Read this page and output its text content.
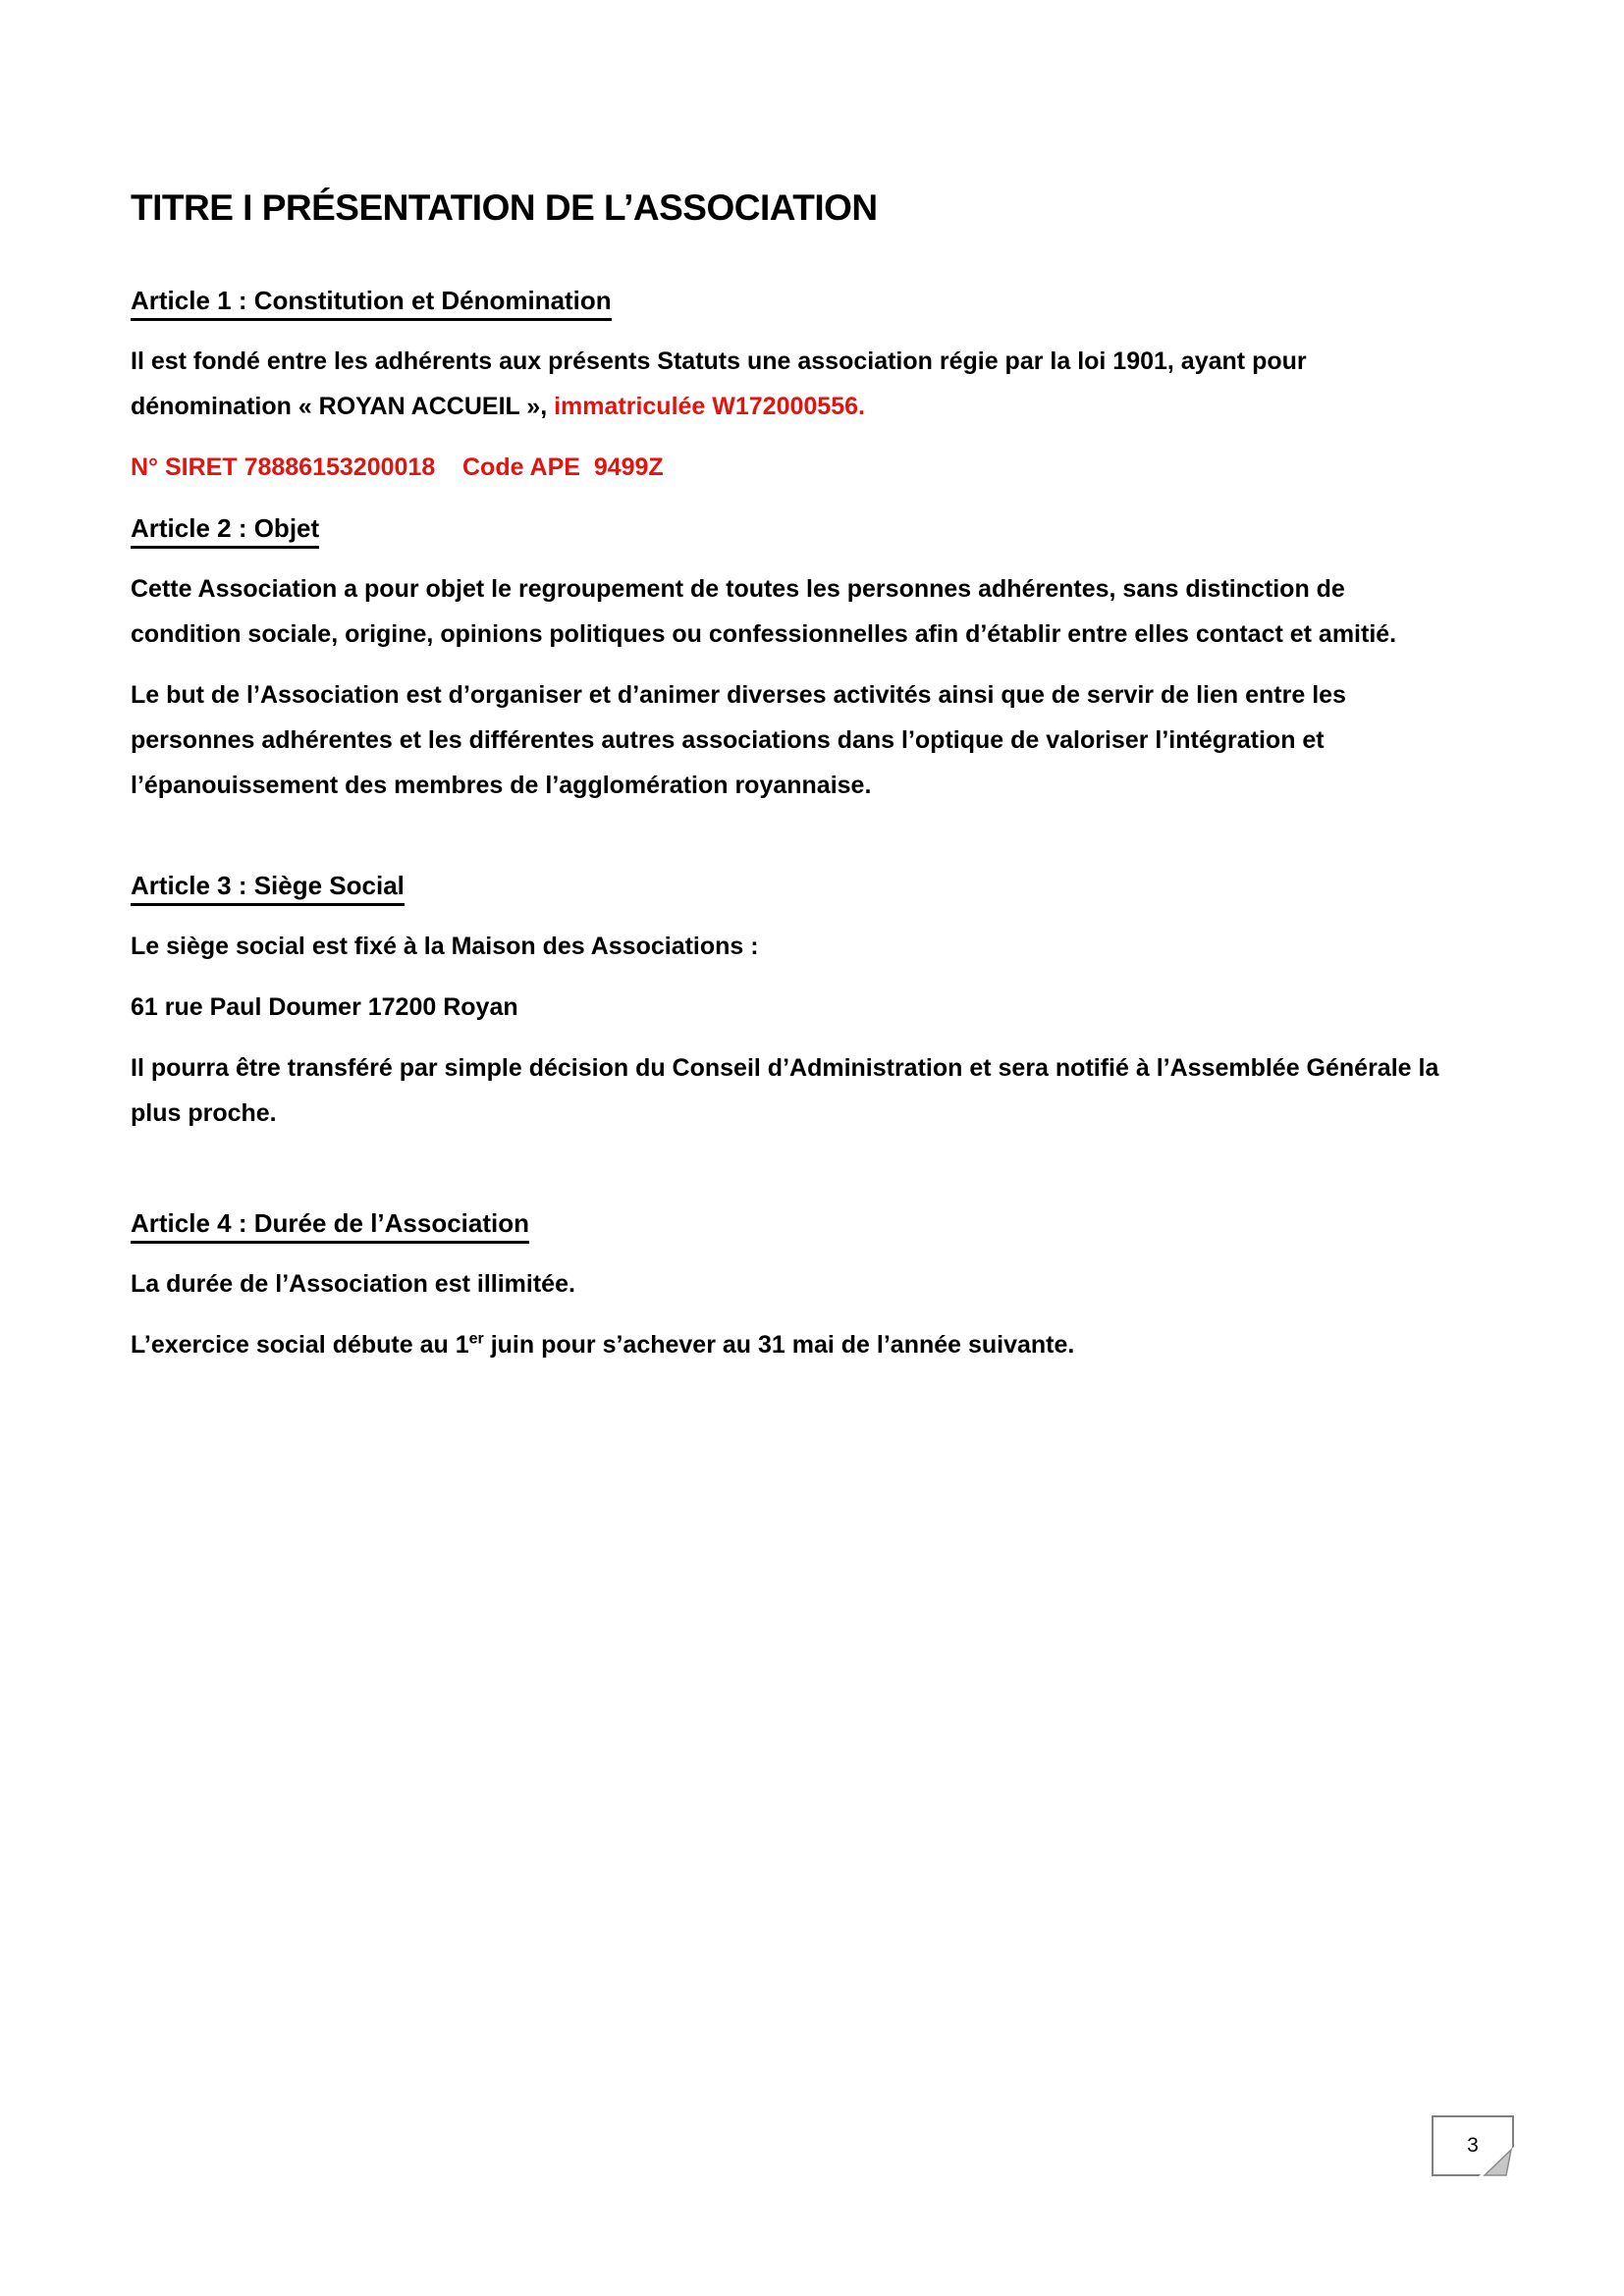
TITRE I PRÉSENTATION DE L’ASSOCIATION
Article 1 : Constitution et Dénomination

Il est fondé entre les adhérents aux présents Statuts une association régie par la loi 1901, ayant pour dénomination « ROYAN ACCUEIL », immatriculée W172000556.

N° SIRET 78886153200018    Code APE  9499Z

Article 2 : Objet

Cette Association a pour objet le regroupement de toutes les personnes adhérentes, sans distinction de condition sociale, origine, opinions politiques ou confessionnelles afin d’établir entre elles contact et amitié.

Le but de l’Association est d’organiser et d’animer diverses activités ainsi que de servir de lien entre les personnes adhérentes et les différentes autres associations dans l’optique de valoriser l’intégration et l’épanouissement des membres de l’agglomération royannaise.

Article 3 : Siège Social

Le siège social est fixé à la Maison des Associations :

61 rue Paul Doumer 17200 Royan

Il pourra être transféré par simple décision du Conseil d’Administration et sera notifié à l’Assemblée Générale la plus proche.

Article 4 : Durée de l’Association

La durée de l’Association est illimitée.

L’exercice social débute au 1er juin pour s’achever au 31 mai de l’année suivante.

3
